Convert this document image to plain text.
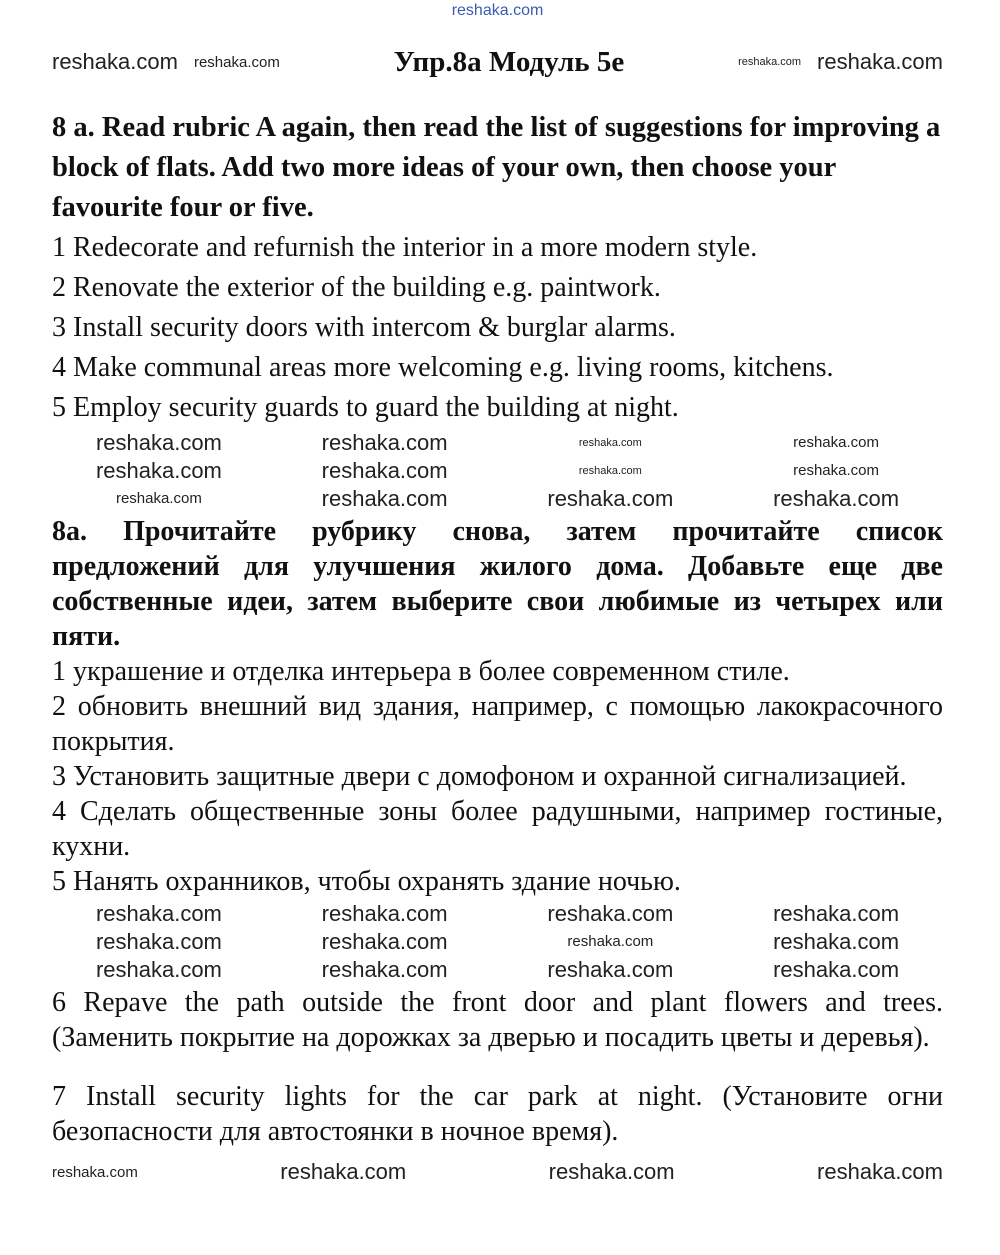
reshaka.com
reshaka.com reshaka.com	Упр.8а Модуль 5е	reshaka.com reshaka.com
8 a. Read rubric A again, then read the list of suggestions for improving a block of flats. Add two more ideas of your own, then choose your favourite four or five.

1 Redecorate and refurnish the interior in a more modern style.

2 Renovate the exterior of the building e.g. paintwork.

3 Install security doors with intercom & burglar alarms.

4 Make communal areas more welcoming e.g. living rooms, kitchens.

5 Employ security guards to guard the building at night.

reshaka.com	reshaka.com	reshaka.com	reshaka.com
reshaka.com	reshaka.com	reshaka.com	reshaka.com
reshaka.com	reshaka.com	reshaka.com	reshaka.com
8а. Прочитайте рубрику снова, затем прочитайте список предложений для улучшения жилого дома. Добавьте еще две собственные идеи, затем выберите свои любимые из четырех или пяти.

1 украшение и отделка интерьера в более современном стиле.

2 обновить внешний вид здания, например, с помощью лакокрасочного покрытия.

3 Установить защитные двери с домофоном и охранной сигнализацией.

4 Сделать общественные зоны более радушными, например гостиные, кухни.

5 Нанять охранников, чтобы охранять здание ночью.

reshaka.com	reshaka.com	reshaka.com	reshaka.com
reshaka.com	reshaka.com	reshaka.com	reshaka.com
reshaka.com	reshaka.com	reshaka.com	reshaka.com

6 Repave the path outside the front door and plant flowers and trees. (Заменить покрытие на дорожках за дверью и посадить цветы и деревья).

7 Install security lights for the car park at night. (Установите огни безопасности для автостоянки в ночное время).

reshaka.com	reshaka.com	reshaka.com	reshaka.com
